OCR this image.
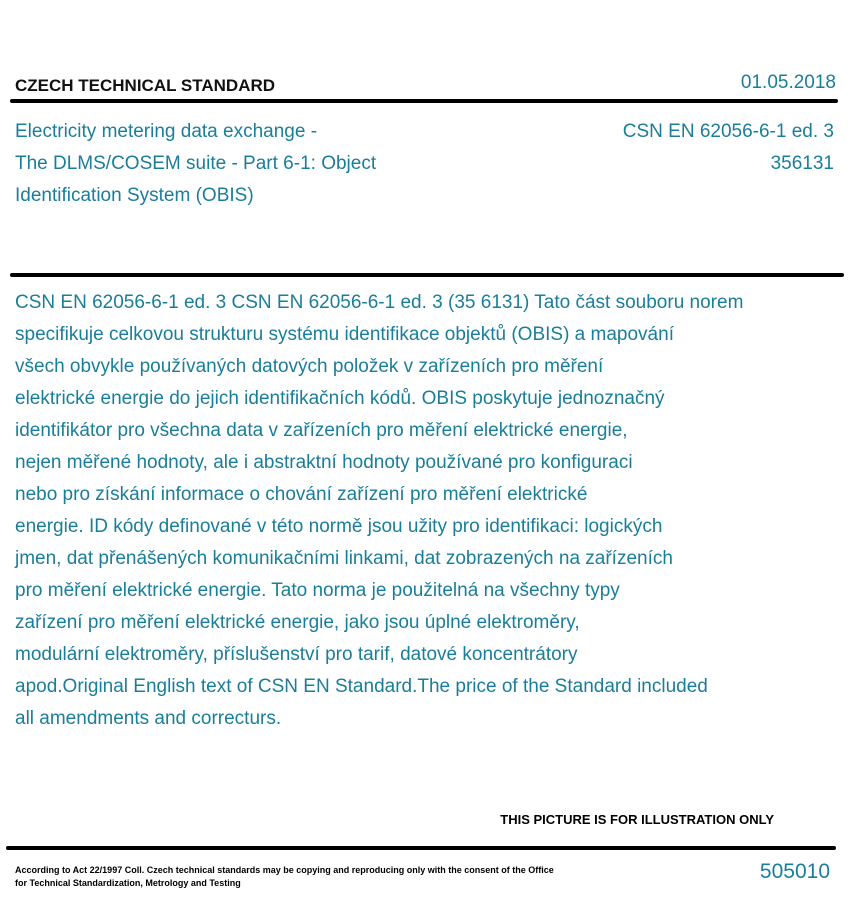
CZECH TECHNICAL STANDARD	01.05.2018
Electricity metering data exchange -
The DLMS/COSEM suite - Part 6-1: Object
Identification System (OBIS)
CSN EN 62056-6-1 ed. 3
356131
CSN EN 62056-6-1 ed. 3 CSN EN 62056-6-1 ed. 3 (35 6131) Tato část souboru norem
specifikuje celkovou strukturu systému identifikace objektů (OBIS) a mapování
všech obvykle používaných datových položek v zařízeních pro měření
elektrické energie do jejich identifikačních kódů. OBIS poskytuje jednoznačný
identifikátor pro všechna data v zařízeních pro měření elektrické energie,
nejen měřené hodnoty, ale i abstraktní hodnoty používané pro konfiguraci
nebo pro získání informace o chování zařízení pro měření elektrické
energie. ID kódy definované v této normě jsou užity pro identifikaci: logických
jmen, dat přenášených komunikačními linkami, dat zobrazených na zařízeních
pro měření elektrické energie. Tato norma je použitelná na všechny typy
zařízení pro měření elektrické energie, jako jsou úplné elektroměry,
modulární elektroměry, příslušenství pro tarif, datové koncentrátory
apod.Original English text of CSN EN Standard.The price of the Standard included
all amendments and correcturs.
THIS PICTURE IS FOR ILLUSTRATION ONLY
According to Act 22/1997 Coll. Czech technical standards may be copying and reproducing only with the consent of the Office
for Technical Standardization, Metrology and Testing	505010
